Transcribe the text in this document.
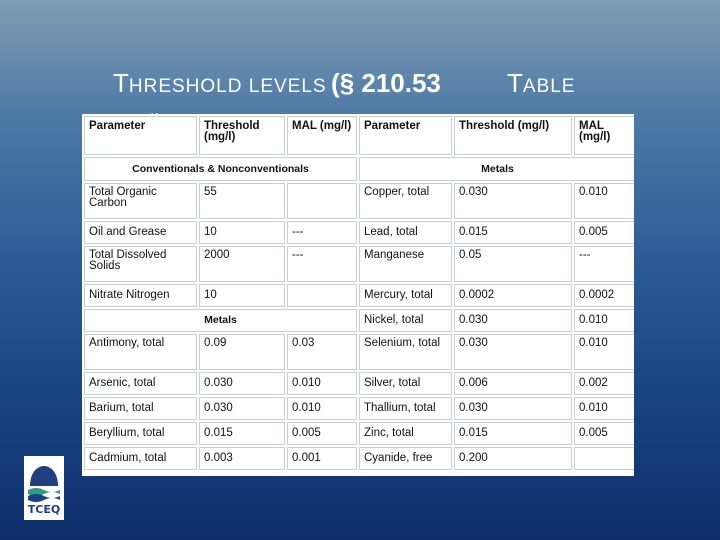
THRESHOLD LEVELS (§ 210.53	TABLE
Parameter	Threshold (mg/l)	MAL (mg/l)	Parameter	Threshold (mg/l)	MAL (mg/l)
Conventionals & Nonconventionals			Metals		
Total Organic Carbon	55		Copper, total	0.030	0.010
Oil and Grease	10	---	Lead, total	0.015	0.005
Total Dissolved Solids	2000	---	Manganese	0.05	---
Nitrate Nitrogen	10		Mercury, total	0.0002	0.0002
Metals			Nickel, total	0.030	0.010
Antimony, total	0.09	0.03	Selenium, total	0.030	0.010
Arsenic, total	0.030	0.010	Silver, total	0.006	0.002
Barium, total	0.030	0.010	Thallium, total	0.030	0.010
Beryllium, total	0.015	0.005	Zinc, total	0.015	0.005
Cadmium, total	0.003	0.001	Cyanide, free	0.200	
TCEQ
